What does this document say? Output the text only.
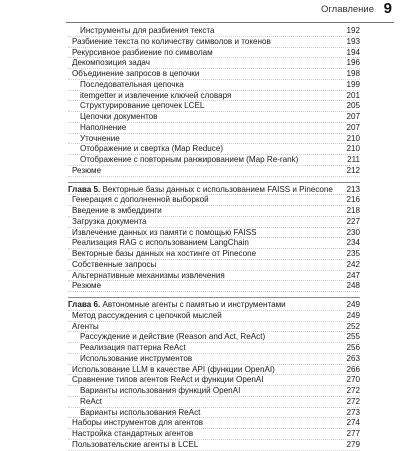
Оглавление 9
Инструменты для разбиения текста	192
Разбиение текста по количеству символов и токенов	193
Рекурсивное разбиение по символам	194
Декомпозиция задач	196
Объединение запросов в цепочки	198
Последовательная цепочка	199
itemgetter и извлечение ключей словаря	201
Структурирование цепочек LCEL	205
Цепочки документов	207
Наполнение	207
Уточнение	210
Отображение и свертка (Map Reduce)	210
Отображение с повторным ранжированием (Map Re-rank)	211
Резюме	212
Глава 5. Векторные базы данных с использованием FAISS и Pinecone	213
Генерация с дополненной выборкой	216
Введение в эмбеддинги	218
Загрузка документа	227
Извлечение данных из памяти с помощью FAISS	230
Реализация RAG с использованием LangChain	234
Векторные базы данных на хостинге от Pinecone	235
Собственные запросы	242
Альтернативные механизмы извлечения	247
Резюме	248
Глава 6. Автономные агенты с памятью и инструментами	249
Метод рассуждения с цепочкой мыслей	249
Агенты	252
Рассуждение и действие (Reason and Act, ReAct)	255
Реализация паттерна ReAct	256
Использование инструментов	263
Использование LLM в качестве API (функции OpenAI)	266
Сравнение типов агентов ReAct и функции OpenAI	270
Варианты использования функций OpenAI	272
ReAct	272
Варианты использования ReAct	273
Наборы инструментов для агентов	274
Настройка стандартных агентов	277
Пользовательские агенты в LCEL	279
